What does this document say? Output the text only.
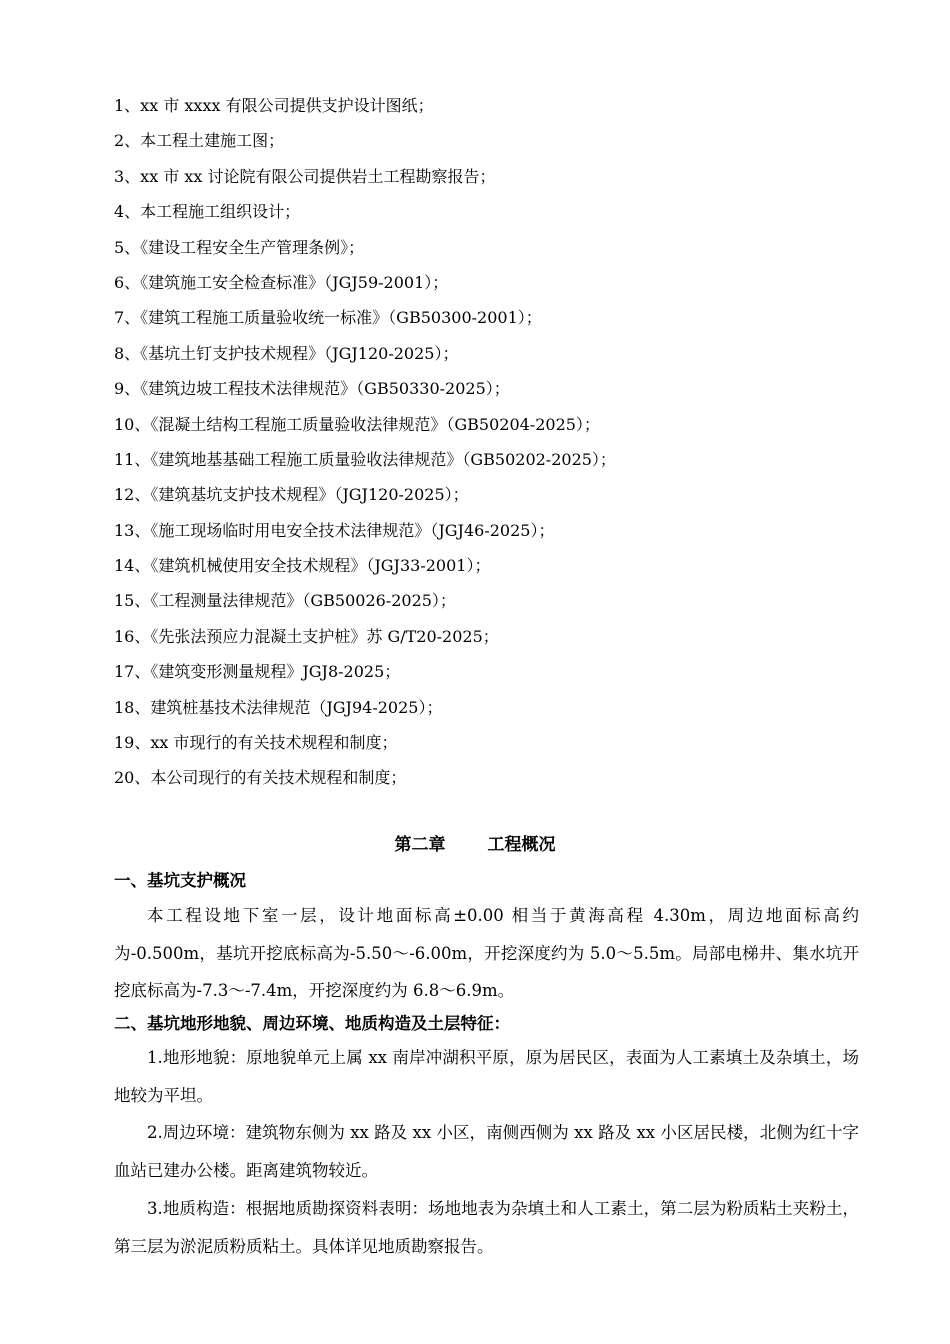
1、xx 市 xxxx 有限公司提供支护设计图纸；
2、本工程土建施工图；
3、xx 市 xx 讨论院有限公司提供岩土工程勘察报告；
4、本工程施工组织设计；
5、《建设工程安全生产管理条例》；
6、《建筑施工安全检查标准》（JGJ59-2001）；
7、《建筑工程施工质量验收统一标准》（GB50300-2001）；
8、《基坑土钉支护技术规程》（JGJ120-2025）；
9、《建筑边坡工程技术法律规范》（GB50330-2025）；
10、《混凝土结构工程施工质量验收法律规范》（GB50204-2025）；
11、《建筑地基基础工程施工质量验收法律规范》（GB50202-2025）；
12、《建筑基坑支护技术规程》（JGJ120-2025）；
13、《施工现场临时用电安全技术法律规范》（JGJ46-2025）；
14、《建筑机械使用安全技术规程》（JGJ33-2001）；
15、《工程测量法律规范》（GB50026-2025）；
16、《先张法预应力混凝土支护桩》苏 G/T20-2025；
17、《建筑变形测量规程》JGJ8-2025；
18、建筑桩基技术法律规范（JGJ94-2025）；
19、xx 市现行的有关技术规程和制度；
20、本公司现行的有关技术规程和制度；
第二章 工程概况
一、基坑支护概况

本工程设地下室一层，设计地面标高±0.00 相当于黄海高程 4.30m，周边地面标高约为-0.500m，基坑开挖底标高为-5.50～-6.00m，开挖深度约为 5.0～5.5m。局部电梯井、集水坑开挖底标高为-7.3～-7.4m，开挖深度约为 6.8～6.9m。

二、基坑地形地貌、周边环境、地质构造及土层特征：

1.地形地貌：原地貌单元上属 xx 南岸冲湖积平原，原为居民区，表面为人工素填土及杂填土，场地较为平坦。

2.周边环境：建筑物东侧为 xx 路及 xx 小区，南侧西侧为 xx 路及 xx 小区居民楼，北侧为红十字血站已建办公楼。距离建筑物较近。

3.地质构造：根据地质勘探资料表明：场地地表为杂填土和人工素土，第二层为粉质粘土夹粉土，第三层为淤泥质粉质粘土。具体详见地质勘察报告。
